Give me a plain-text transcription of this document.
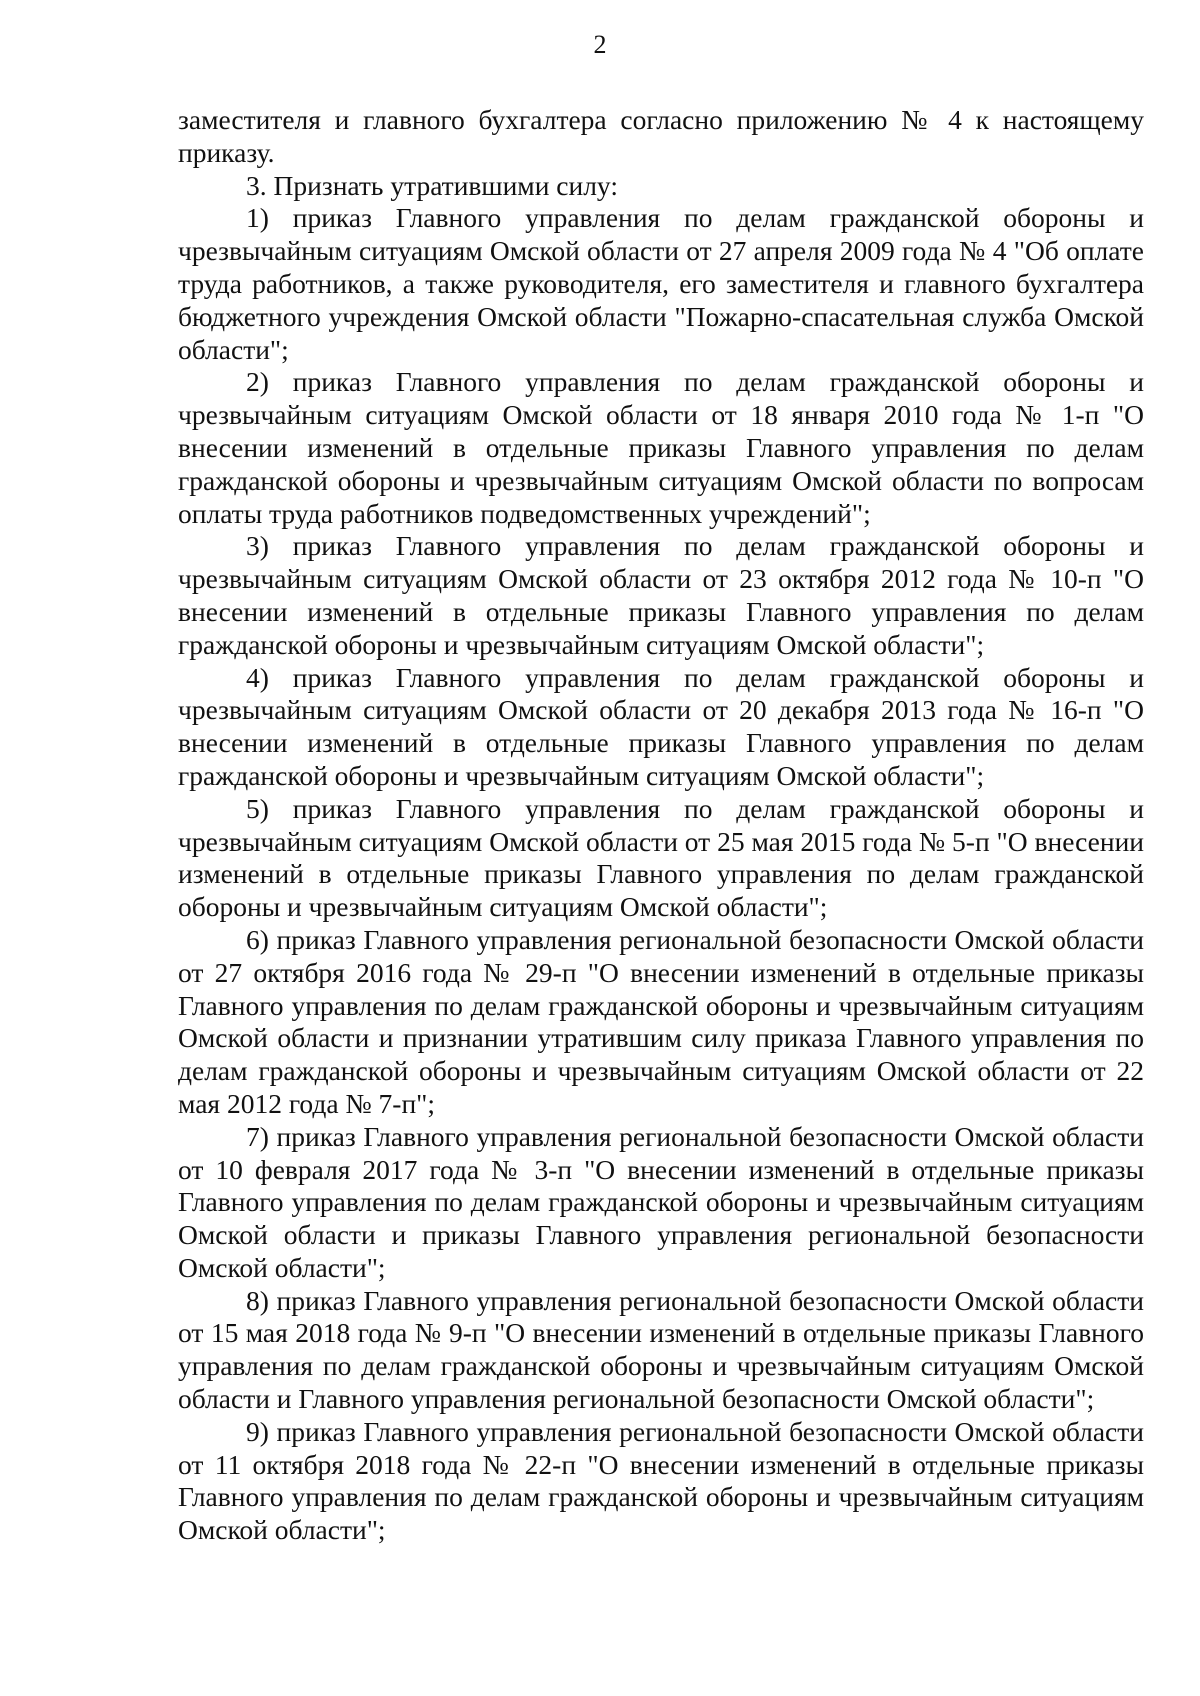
2

заместителя и главного бухгалтера согласно приложению № 4 к настоящему приказу.

3. Признать утратившими силу:

1) приказ Главного управления по делам гражданской обороны и чрезвычайным ситуациям Омской области от 27 апреля 2009 года № 4 "Об оплате труда работников, а также руководителя, его заместителя и главного бухгалтера бюджетного учреждения Омской области "Пожарно-спасательная служба Омской области";

2) приказ Главного управления по делам гражданской обороны и чрезвычайным ситуациям Омской области от 18 января 2010 года № 1-п "О внесении изменений в отдельные приказы Главного управления по делам гражданской обороны и чрезвычайным ситуациям Омской области по вопросам оплаты труда работников подведомственных учреждений";

3) приказ Главного управления по делам гражданской обороны и чрезвычайным ситуациям Омской области от 23 октября 2012 года № 10-п "О внесении изменений в отдельные приказы Главного управления по делам гражданской обороны и чрезвычайным ситуациям Омской области";

4) приказ Главного управления по делам гражданской обороны и чрезвычайным ситуациям Омской области от 20 декабря 2013 года № 16-п "О внесении изменений в отдельные приказы Главного управления по делам гражданской обороны и чрезвычайным ситуациям Омской области";

5) приказ Главного управления по делам гражданской обороны и чрезвычайным ситуациям Омской области от 25 мая 2015 года № 5-п "О внесении изменений в отдельные приказы Главного управления по делам гражданской обороны и чрезвычайным ситуациям Омской области";

6) приказ Главного управления региональной безопасности Омской области от 27 октября 2016 года № 29-п "О внесении изменений в отдельные приказы Главного управления по делам гражданской обороны и чрезвычайным ситуациям Омской области и признании утратившим силу приказа Главного управления по делам гражданской обороны и чрезвычайным ситуациям Омской области от 22 мая 2012 года № 7-п";

7) приказ Главного управления региональной безопасности Омской области от 10 февраля 2017 года № 3-п "О внесении изменений в отдельные приказы Главного управления по делам гражданской обороны и чрезвычайным ситуациям Омской области и приказы Главного управления региональной безопасности Омской области";

8) приказ Главного управления региональной безопасности Омской области от 15 мая 2018 года № 9-п "О внесении изменений в отдельные приказы Главного управления по делам гражданской обороны и чрезвычайным ситуациям Омской области и Главного управления региональной безопасности Омской области";

9) приказ Главного управления региональной безопасности Омской области от 11 октября 2018 года № 22-п "О внесении изменений в отдельные приказы Главного управления по делам гражданской обороны и чрезвычайным ситуациям Омской области";
